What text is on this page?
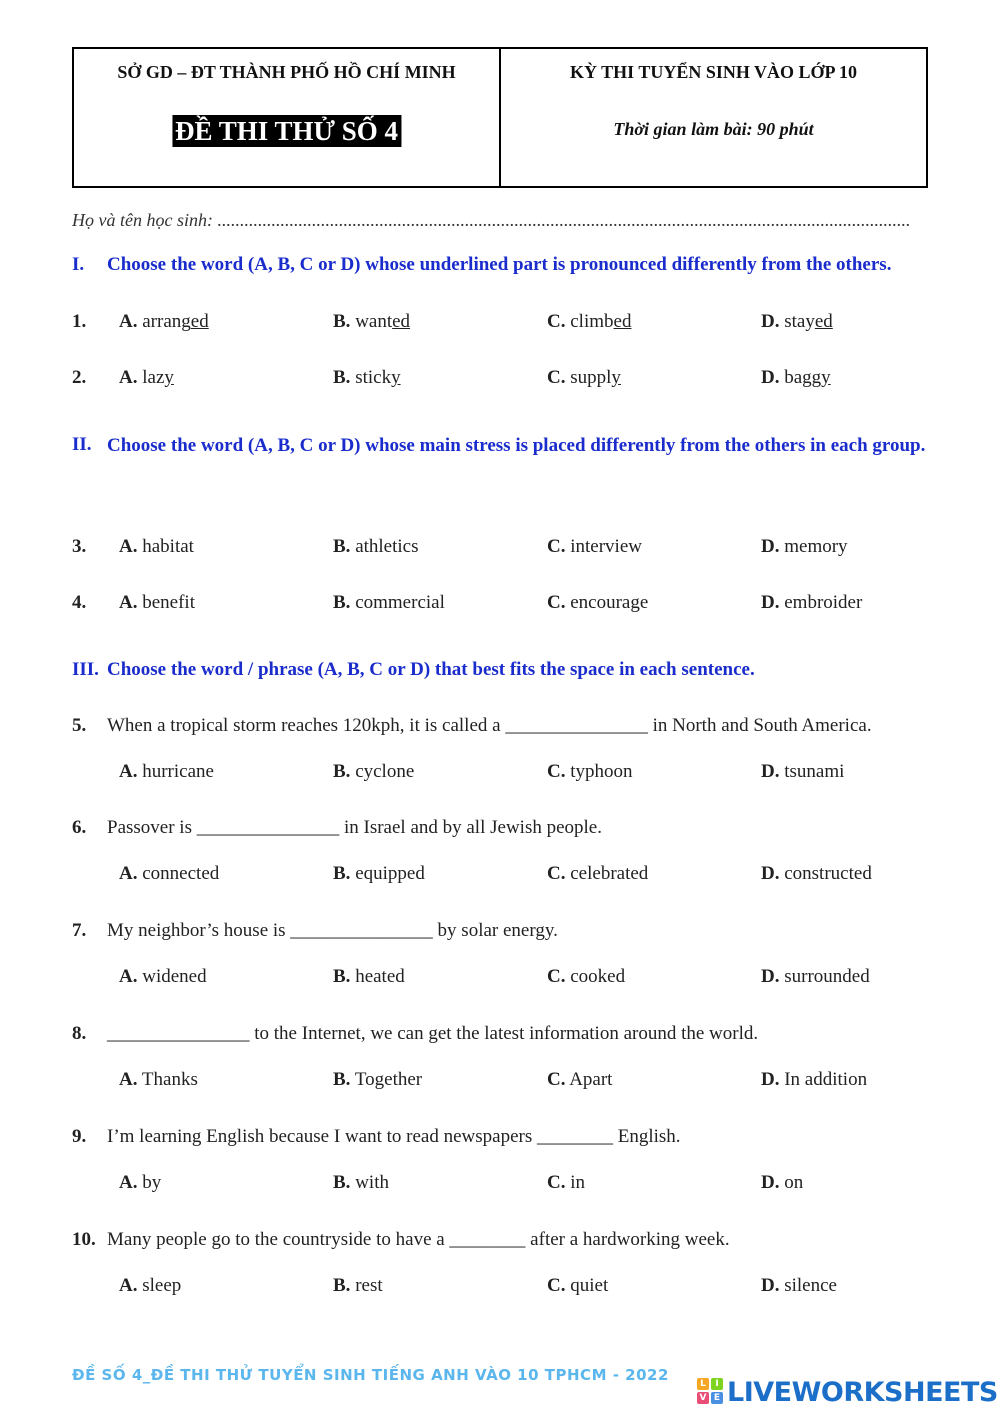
SỞ GD – ĐT THÀNH PHỐ HỒ CHÍ MINH
ĐỀ THI THỬ SỐ 4
KỲ THI TUYỂN SINH VÀO LỚP 10
Thời gian làm bài: 90 phút
Họ và tên học sinh: ..........................................................................................................................................................
I. Choose the word (A, B, C or D) whose underlined part is pronounced differently from the others.
II. Choose the word (A, B, C or D) whose main stress is placed differently from the others in each group.
III. Choose the word / phrase (A, B, C or D) that best fits the space in each sentence.
1. A. arranged	B. wanted	C. climbed	D. stayed
2. A. lazy	B. sticky	C. supply	D. baggy
3. A. habitat	B. athletics	C. interview	D. memory
4. A. benefit	B. commercial	C. encourage	D. embroider
5. When a tropical storm reaches 120kph, it is called a _______________ in North and South America.
A. hurricane	B. cyclone	C. typhoon	D. tsunami
6. Passover is _______________ in Israel and by all Jewish people.
A. connected	B. equipped	C. celebrated	D. constructed
7. My neighbor’s house is _______________ by solar energy.
A. widened	B. heated	C. cooked	D. surrounded
8. _______________ to the Internet, we can get the latest information around the world.
A. Thanks	B. Together	C. Apart	D. In addition
9. I’m learning English because I want to read newspapers ________ English.
A. by	B. with	C. in	D. on
10. Many people go to the countryside to have a ________ after a hardworking week.
A. sleep	B. rest	C. quiet	D. silence
ĐỀ SỐ 4_ĐỀ THI THỬ TUYỂN SINH TIẾNG ANH VÀO 10 TPHCM - 2022	L	I
V E LIVEWORKSHEETS
